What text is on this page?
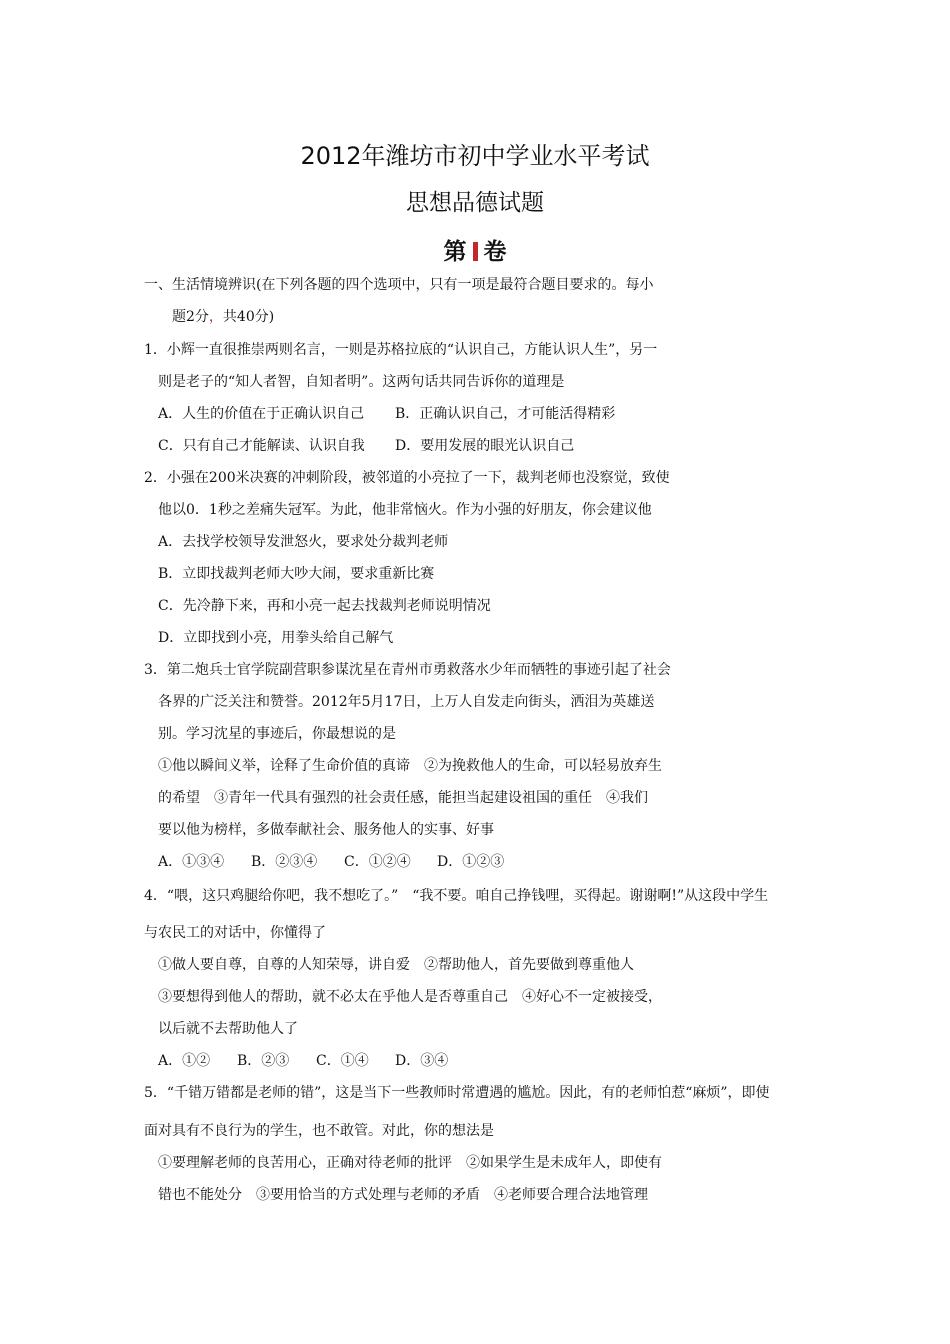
2012年潍坊市初中学业水平考试
思想品德试题
第 卷
一、生活情境辨识(在下列各题的四个选项中，只有一项是最符合题目要求的。每小
题2分，共40分)
1．小辉一直很推崇两则名言，一则是苏格拉底的“认识自己，方能认识人生”，另一
则是老子的“知人者智，自知者明”。这两句话共同告诉你的道理是
A．人生的价值在于正确认识自己 B．正确认识自己，才可能活得精彩
C．只有自己才能解读、认识自我 D．要用发展的眼光认识自己
2．小强在200米决赛的冲刺阶段，被邻道的小亮拉了一下，裁判老师也没察觉，致使
他以0．1秒之差痛失冠军。为此，他非常恼火。作为小强的好朋友，你会建议他
A．去找学校领导发泄怒火，要求处分裁判老师
B．立即找裁判老师大吵大闹，要求重新比赛
C．先冷静下来，再和小亮一起去找裁判老师说明情况
D．立即找到小亮，用拳头给自己解气
3．第二炮兵士官学院副营职参谋沈星在青州市勇救落水少年而牺牲的事迹引起了社会
各界的广泛关注和赞誉。2012年5月17日，上万人自发走向街头，洒泪为英雄送
别。学习沈星的事迹后，你最想说的是
①他以瞬间义举，诠释了生命价值的真谛　②为挽救他人的生命，可以轻易放弃生
的希望　③青年一代具有强烈的社会责任感，能担当起建设祖国的重任　④我们
要以他为榜样，多做奉献社会、服务他人的实事、好事
A．①③④ B．②③④ C．①②④ D．①②③
4．“喂，这只鸡腿给你吧，我不想吃了。”　“我不要。咱自己挣钱哩，买得起。谢谢啊!”从这段中学生
与农民工的对话中，你懂得了
①做人要自尊，自尊的人知荣辱，讲自爱　②帮助他人，首先要做到尊重他人
③要想得到他人的帮助，就不必太在乎他人是否尊重自己　④好心不一定被接受，
以后就不去帮助他人了
A．①② B．②③ C．①④ D．③④
5．“千错万错都是老师的错”，这是当下一些教师时常遭遇的尴尬。因此，有的老师怕惹“麻烦”，即使
面对具有不良行为的学生，也不敢管。对此，你的想法是
①要理解老师的良苦用心，正确对待老师的批评　②如果学生是未成年人，即使有
错也不能处分　③要用恰当的方式处理与老师的矛盾　④老师要合理合法地管理
